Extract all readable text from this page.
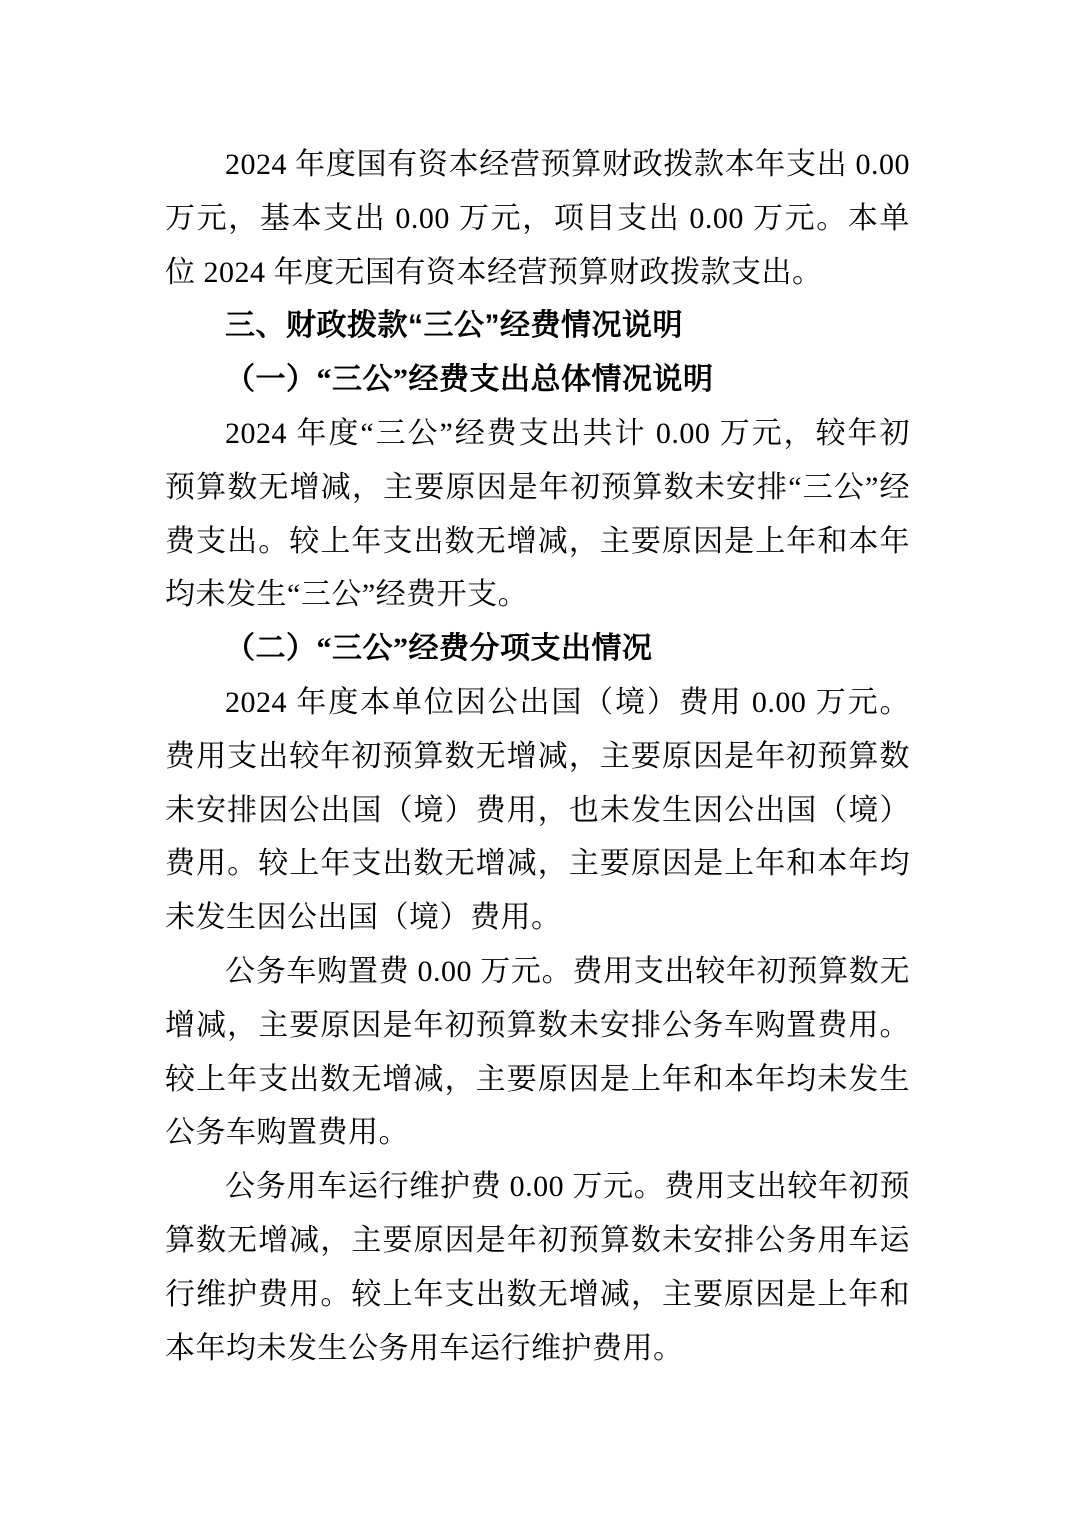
2024 年度国有资本经营预算财政拨款本年支出 0.00 万元，基本支出 0.00 万元，项目支出 0.00 万元。本单位 2024 年度无国有资本经营预算财政拨款支出。

三、财政拨款“三公”经费情况说明
（一）“三公”经费支出总体情况说明

2024 年度“三公”经费支出共计 0.00 万元，较年初预算数无增减，主要原因是年初预算数未安排“三公”经费支出。较上年支出数无增减，主要原因是上年和本年均未发生“三公”经费开支。

（二）“三公”经费分项支出情况

2024 年度本单位因公出国（境）费用 0.00 万元。费用支出较年初预算数无增减，主要原因是年初预算数未安排因公出国（境）费用，也未发生因公出国（境）费用。较上年支出数无增减，主要原因是上年和本年均未发生因公出国（境）费用。

公务车购置费 0.00 万元。费用支出较年初预算数无增减，主要原因是年初预算数未安排公务车购置费用。较上年支出数无增减，主要原因是上年和本年均未发生公务车购置费用。

公务用车运行维护费 0.00 万元。费用支出较年初预算数无增减，主要原因是年初预算数未安排公务用车运行维护费用。较上年支出数无增减，主要原因是上年和本年均未发生公务用车运行维护费用。
